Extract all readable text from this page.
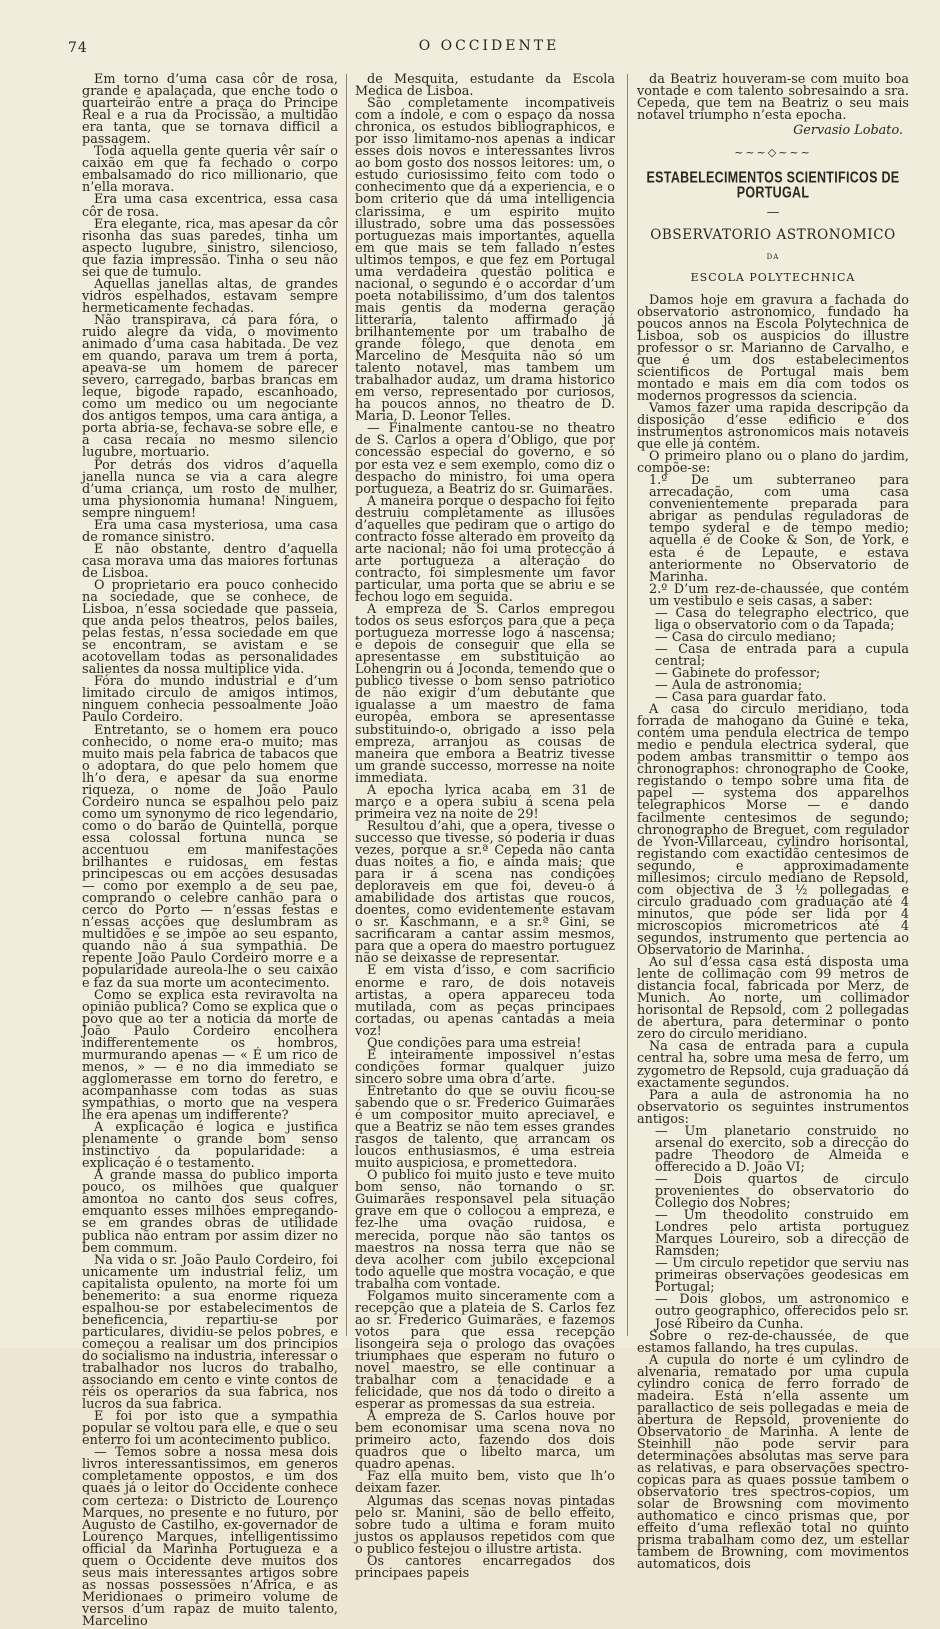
74	O OCCIDENTE

Em torno d’uma casa côr de rosa, grande e apalaçada, que enche todo o quarteirão entre a praça do Principe Real e a rua da Procissão, a multidão era tanta, que se tornava difficil a passagem.

Toda aquella gente queria vêr saír o caixão em que fa fechado o corpo embalsamado do rico millionario, que n’ella morava.

Era uma casa excentrica, essa casa côr de rosa.

Era elegante, rica, mas apesar da côr risonha das suas paredes, tinha um aspecto lugubre, sinistro, silencioso, que fazia impressão. Tinha o seu não sei que de tumulo.

Aquellas janellas altas, de grandes vidros espelhados, estavam sempre hermeticamente fechadas.

Não transpirava, cá para fóra, o ruido alegre da vida, o movimento animado d’uma casa habitada. De vez em quando, parava um trem á porta, apeava-se um homem de parecer severo, carregado, barbas brancas em leque, bigode rapado, escanhoado, como um medico ou um negociante dos antigos tempos, uma cara antiga, a porta abria-se, fechava-se sobre elle, e a casa recaía no mesmo silencio lugubre, mortuario.

Por detrás dos vidros d’aquella janella nunca se via a cara alegre d’uma criança, um rosto de mulher, uma physionomia humana! Ninguem, sempre ninguem!

Era uma casa mysteriosa, uma casa de romance sinistro.

E não obstante, dentro d’aquella casa morava uma das maiores fortunas de Lisboa.

O proprietario era pouco conhecido na sociedade, que se conhece, de Lisboa, n’essa sociedade que passeia, que anda pelos theatros, pelos bailes, pelas festas, n’essa sociedade em que se encontram, se avistam e se acotovellam todas as personalidades salientes da nossa multiplice vida.

Fóra do mundo industrial e d’um limitado circulo de amigos intimos, ninguem conhecia pessoalmente João Paulo Cordeiro.

Entretanto, se o homem era pouco conhecido, o nome era-o muito; mas muito mais pela fabrica de tabacos que o adoptara, do que pelo homem que lh’o dera, e apesar da sua enorme riqueza, o nome de João Paulo Cordeiro nunca se espalhou pelo paiz como um synonymo de rico legendario, como o do barão de Quintella, porque essa colossal fortuna nunca se accentuou em manifestações brilhantes e ruidosas, em festas principescas ou em acções desusadas — como por exemplo a de seu pae, comprando o celebre canhão para o cerco do Porto — n’essas festas e n’essas acções que deslumbram as multidões e se impõe ao seu espanto, quando não á sua sympathia. De repente João Paulo Cordeiro morre e a popularidade aureola-lhe o seu caixão e faz da sua morte um acontecimento.

Como se explica esta reviravolta na opinião publica? Como se explica que o povo que ao ter a noticia da morte de João Paulo Cordeiro encolhera indifferentemente os hombros, murmurando apenas — « É um rico de menos, » — e no dia immediato se agglomerasse em torno do feretro, e acompanhasse com todas as suas sympathias, o morto que na vespera lhe era apenas um indifferente?

A explicação é logica e justifica plenamente o grande bom senso instinctivo da popularidade: a explicação é o testamento.

A grande massa do publico importa pouco, os milhões que qualquer amontoa no canto dos seus cofres, emquanto esses milhões empregando-se em grandes obras de utilidade publica não entram por assim dizer no bem commum.

Na vida o sr. João Paulo Cordeiro, foi unicamente um industrial feliz, um capitalista opulento, na morte foi um benemerito: a sua enorme riqueza espalhou-se por estabelecimentos de beneficencia, repartiu-se por particulares, dividiu-se pelos pobres, e começou a realisar um dos principios do socialismo na industria, interessar o trabalhador nos lucros do trabalho, associando em cento e vinte contos de réis os operarios da sua fabrica, nos lucros da sua fabrica.

E foi por isto que a sympathia popular se voltou para elle, e que o seu enterro foi um acontecimento publico.

— Temos sobre a nossa mesa dois livros interessantissimos, em generos completamente oppostos, e um dos quaes já o leitor do Occidente conhece com certeza: o Districto de Lourenço Marques, no presente e no futuro, por Augusto de Castilho, ex-governador de Lourenço Marques, intelligentissimo official da Marinha Portugueza e a quem o Occidente deve muitos dos seus mais interessantes artigos sobre as nossas possessões n’Africa, e as Meridionaes o primeiro volume de versos d’um rapaz de muito talento, Marcelino

de Mesquita, estudante da Escola Medica de Lisboa.

São completamente incompativeis com a índole, e com o espaço da nossa chronica, os estudos bibliographicos, e por isso limitamo-nos apenas a indicar esses dois novos e interessantes livros ao bom gosto dos nossos leitores: um, o estudo curiosissimo feito com todo o conhecimento que dá a experiencia, e o bom criterio que dá uma intelligencia clarissima, e um espirito muito illustrado, sobre uma das possessões portuguezas mais importantes, aquella em que mais se tem fallado n’estes ultimos tempos, e que fez em Portugal uma verdadeira questão politica e nacional, o segundo é o accordar d’um poeta notabilissimo, d’um dos talentos mais gentis da moderna geração litteraria, talento affirmado já brilhantemente por um trabalho de grande fôlego, que denota em Marcelino de Mesquita não só um talento notavel, mas tambem um trabalhador audaz, um drama historico em verso, representado por curiosos, ha poucos annos, no theatro de D. Maria, D. Leonor Telles.

— Finalmente cantou-se no theatro de S. Carlos a opera d’Obligo, que por concessão especial do governo, e só por esta vez e sem exemplo, como diz o despacho do ministro, foi uma opera portugueza, a Beatriz do sr. Guimarães.

A maneira porque o despacho foi feito destruiu completamente as illusões d’aquelles que pediram que o artigo do contracto fosse alterado em proveito da arte nacional; não foi uma protecção á arte portugueza a alteração do contracto, foi simplesmente um favor particular, uma porta que se abriu e se fechou logo em seguida.

A empreza de S. Carlos empregou todos os seus esforços para que a peça portugueza morresse logo á nascensa; e depois de conseguir que ella se apresentasse em substituição ao Lohengrin ou á Joconda, temendo que o publico tivesse o bom senso patriotico de não exigir d’um debutante que igualasse a um maestro de fama europêa, embora se apresentasse substituindo-o, obrigado a isso pela empreza, arranjou as cousas de maneira que embora a Beatriz tivesse um grande successo, morresse na noite immediata.

A epocha lyrica acaba em 31 de março e a opera subiu á scena pela primeira vez na noite de 29!

Resultou d’ahi, que a opera, tivesse o successo que tivesse, só poderia ir duas vezes, porque a sr.ª Cepeda não canta duas noites a fio, e ainda mais; que para ir á scena nas condições deploraveis em que foi, deveu-o á amabilidade dos artistas que roucos, doentes, como evidentemente estavam o sr. Kaschmann, e a sr.ª Gini, se sacrificaram a cantar assim mesmos, para que a opera do maestro portuguez não se deixasse de representar.

E em vista d’isso, e com sacrificio enorme e raro, de dois notaveis artistas, a opera appareceu toda mutilada, com as peças principaes cortadas, ou apenas cantadas a meia voz!

Que condições para uma estreia!

É inteiramente impossivel n’estas condições formar qualquer juizo sincero sobre uma obra d’arte.

Entretanto do que se ouviu ficou-se sabendo que o sr. Frederico Guimarães é um compositor muito apreciavel, e que a Beatriz se não tem esses grandes rasgos de talento, que arrancam os loucos enthusiasmos, é uma estreia muito auspiciosa, e promettedora.

O publico foi muito justo e teve muito bom senso, não tornando o sr. Guimarães responsavel pela situação grave em que o collocou a empreza, e fez-lhe uma ovação ruidosa, e merecida, porque não são tantos os maestros na nossa terra que não se deva acolher com jubilo excepcional todo aquelle que mostra vocação, e que trabalha com vontade.

Folgamos muito sinceramente com a recepção que a plateia de S. Carlos fez ao sr. Frederico Guimarães, e fazemos votos para que essa recepção lisongeira seja o prologo das ovações triumphaes que esperam no futuro o novel maestro, se elle continuar a trabalhar com a tenacidade e a felicidade, que nos dá todo o direito a esperar as promessas da sua estreia.

A empreza de S. Carlos houve por bem economisar uma scena nova no primeiro acto, fazendo dos dois quadros que o libelto marca, um quadro apenas.

Faz ella muito bem, visto que lh’o deixam fazer.

Algumas das scenas novas pintadas pelo sr. Manini, são de bello effeito, sobre tudo a ultima e foram muito justos os applausos repetidos com que o publico festejou o illustre artista.

Os cantores encarregados dos principaes papeis

da Beatriz houveram-se com muito boa vontade e com talento sobresaindo a sra. Cepeda, que tem na Beatriz o seu mais notavel triumpho n’esta epocha.

Gervasio Lobato.

~~~◇~~~
ESTABELECIMENTOS SCIENTIFICOS DE PORTUGAL
—
OBSERVATORIO ASTRONOMICO
DA
ESCOLA POLYTECHNICA

Damos hoje em gravura a fachada do observatorio astronomico, fundado ha poucos annos na Escola Polytechnica de Lisboa, sob os auspicios do illustre professor o sr. Marianno de Carvalho, e que é um dos estabelecimentos scientificos de Portugal mais bem montado e mais em dia com todos os modernos progressos da sciencia.

Vamos fazer uma rapida descripção da disposição d’esse edificio e dos instrumentos astronomicos mais notaveis que elle já contém.

O primeiro plano ou o plano do jardim, compõe-se:

1.º De um subterraneo para arrecadação, com uma casa convenientemente preparada para abrigar as pendulas reguladoras de tempo syderal e de tempo medio; aquella é de Cooke & Son, de York, e esta é de Lepaute, e estava anteriormente no Observatorio de Marinha.

2.º D’um rez-de-chaussée, que contém um vestibulo e seis casas, a saber:

— Casa do telegrapho electrico, que liga o observatorio com o da Tapada;

— Casa do circulo mediano;

— Casa de entrada para a cupula central;

— Gabinete do professor;

— Aula de astronomia;

— Casa para guardar fato.

A casa do circulo meridiano, toda forrada de mahogano da Guiné e teka, contém uma pendula electrica de tempo medio e pendula electrica syderal, que podem ambas transmittir o tempo aos chronographos: chronographo de Cooke, registando o tempo sobre uma fita de papel — systema dos apparelhos telegraphicos Morse — e dando facilmente centesimos de segundo; chronographo de Breguet, com regulador de Yvon-Villarceau, cylindro horisontal, registando com exactidão centesimos de segundo, e approximadamente millesimos; circulo mediano de Repsold, com objectiva de 3 ½ pollegadas e circulo graduado com graduação até 4 minutos, que póde ser lida por 4 microscopios micrometricos até 4 segundos, instrumento que pertencia ao Observatorio de Marinha.

Ao sul d’essa casa está disposta uma lente de collimação com 99 metros de distancia focal, fabricada por Merz, de Munich. Ao norte, um collimador horisontal de Repsold, com 2 pollegadas de abertura, para determinar o ponto zero do circulo meridiano.

Na casa de entrada para a cupula central ha, sobre uma mesa de ferro, um zygometro de Repsold, cuja graduação dá exactamente segundos.

Para a aula de astronomia ha no observatorio os seguintes instrumentos antigos:

— Um planetario construido no arsenal do exercito, sob a direcção do padre Theodoro de Almeida e offerecido a D. João VI;

— Dois quartos de circulo provenientes do observatorio do Collegio dos Nobres;

— Um theodolito construido em Londres pelo artista portuguez Marques Loureiro, sob a direcção de Ramsden;

— Um circulo repetidor que serviu nas primeiras observações geodesicas em Portugal;

— Dois globos, um astronomico e outro geographico, offerecidos pelo sr. José Ribeiro da Cunha.

Sobre o rez-de-chaussée, de que estamos fallando, ha tres cupulas.

A cupula do norte é um cylindro de alvenaria, rematado por uma cupula cylindro conica de ferro forrado de madeira. Está n’ella assente um parallactico de seis pollegadas e meia de abertura de Repsold, proveniente do Observatorio de Marinha. A lente de Steinhill não pode servir para determinações absolutas mas serve para as relativas, e para observações spectro-copicas para as quaes possue tambem o observatorio tres spectros-copios, um solar de Browsning com movimento authomatico e cinco prismas que, por effeito d’uma reflexão total no quinto prisma trabalham como dez, um estellar tambem de Browning, com movimentos automaticos, dois
